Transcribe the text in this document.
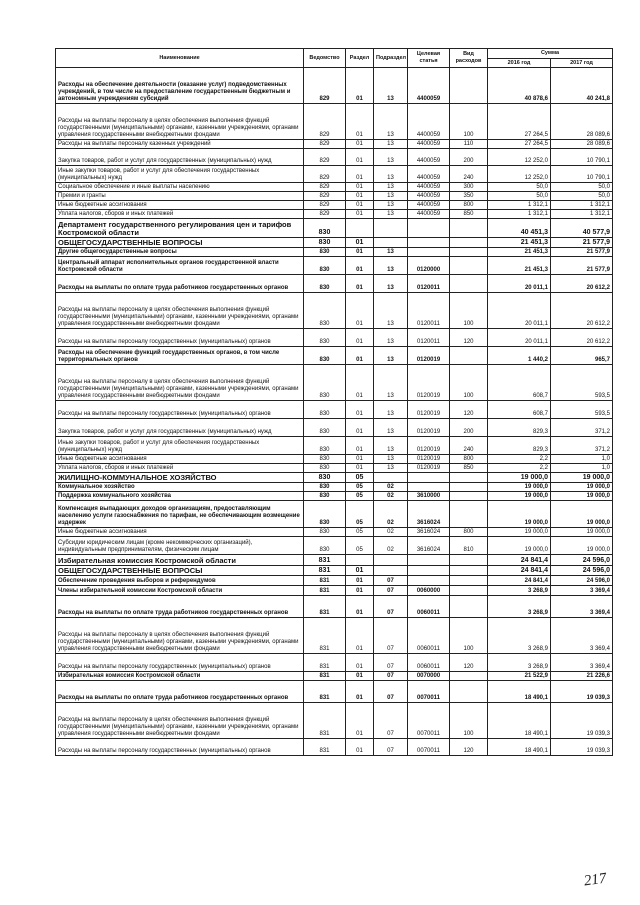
Наименование	Ведомство	Раздел	Подраздел	Целевая статья	Вид расходов	Сумма	
						2016 год	2017 год
Расходы на обеспечение деятельности (оказание услуг) подведомственных учреждений, в том числе на предоставление государственным бюджетным и автономным учреждениям субсидий	829	01	13	4400059		40 878,6	40 241,8
Расходы на выплаты персоналу в целях обеспечения выполнения функций государственными (муниципальными) органами, казенными учреждениями, органами управления государственными внебюджетными фондами	829	01	13	4400059	100	27 264,5	28 089,6
Расходы на выплаты персоналу казенных учреждений	829	01	13	4400059	110	27 264,5	28 089,6
Закупка товаров, работ и услуг для государственных (муниципальных) нужд	829	01	13	4400059	200	12 252,0	10 790,1
Иные закупки товаров, работ и услуг для обеспечения государственных (муниципальных) нужд	829	01	13	4400059	240	12 252,0	10 790,1
Социальное обеспечение и иные выплаты населению	829	01	13	4400059	300	50,0	50,0
Премии и гранты	829	01	13	4400059	350	50,0	50,0
Иные бюджетные ассигнования	829	01	13	4400059	800	1 312,1	1 312,1
Уплата налогов, сборов и иных платежей	829	01	13	4400059	850	1 312,1	1 312,1
Департамент государственного регулирования цен и тарифов Костромской области	830					40 451,3	40 577,9
ОБЩЕГОСУДАРСТВЕННЫЕ ВОПРОСЫ	830	01				21 451,3	21 577,9
Другие общегосударственные вопросы	830	01	13			21 451,3	21 577,9
Центральный аппарат исполнительных органов государственной власти Костромской области	830	01	13	0120000		21 451,3	21 577,9
Расходы на выплаты по оплате труда работников государственных органов	830	01	13	0120011		20 011,1	20 612,2
Расходы на выплаты персоналу в целях обеспечения выполнения функций государственными (муниципальными) органами, казенными учреждениями, органами управления государственными внебюджетными фондами	830	01	13	0120011	100	20 011,1	20 612,2
Расходы на выплаты персоналу государственных (муниципальных) органов	830	01	13	0120011	120	20 011,1	20 612,2
Расходы на обеспечение функций государственных органов, в том числе территориальных органов	830	01	13	0120019		1 440,2	965,7
Расходы на выплаты персоналу в целях обеспечения выполнения функций государственными (муниципальными) органами, казенными учреждениями, органами управления государственными внебюджетными фондами	830	01	13	0120019	100	608,7	593,5
Расходы на выплаты персоналу государственных (муниципальных) органов	830	01	13	0120019	120	608,7	593,5
Закупка товаров, работ и услуг для государственных (муниципальных) нужд	830	01	13	0120019	200	829,3	371,2
Иные закупки товаров, работ и услуг для обеспечения государственных (муниципальных) нужд	830	01	13	0120019	240	829,3	371,2
Иные бюджетные ассигнования	830	01	13	0120019	800	2,2	1,0
Уплата налогов, сборов и иных платежей	830	01	13	0120019	850	2,2	1,0
ЖИЛИЩНО-КОММУНАЛЬНОЕ ХОЗЯЙСТВО	830	05				19 000,0	19 000,0
Коммунальное хозяйство	830	05	02			19 000,0	19 000,0
Поддержка коммунального хозяйства	830	05	02	3610000		19 000,0	19 000,0
Компенсация выпадающих доходов организациям, предоставляющим населению услуги газоснабжения по тарифам, не обеспечивающим возмещение издержек	830	05	02	3616024		19 000,0	19 000,0
Иные бюджетные ассигнования	830	05	02	3616024	800	19 000,0	19 000,0
Субсидии юридическим лицам (кроме некоммерческих организаций), индивидуальным предпринимателям, физическим лицам	830	05	02	3616024	810	19 000,0	19 000,0
Избирательная комиссия Костромской области	831					24 841,4	24 596,0
ОБЩЕГОСУДАРСТВЕННЫЕ ВОПРОСЫ	831	01				24 841,4	24 596,0
Обеспечение проведения выборов и референдумов	831	01	07			24 841,4	24 596,0
Члены избирательной комиссии Костромской области	831	01	07	0060000		3 268,9	3 369,4
Расходы на выплаты по оплате труда работников государственных органов	831	01	07	0060011		3 268,9	3 369,4
Расходы на выплаты персоналу в целях обеспечения выполнения функций государственными (муниципальными) органами, казенными учреждениями, органами управления государственными внебюджетными фондами	831	01	07	0060011	100	3 268,9	3 369,4
Расходы на выплаты персоналу государственных (муниципальных) органов	831	01	07	0060011	120	3 268,9	3 369,4
Избирательная комиссия Костромской области	831	01	07	0070000		21 522,9	21 226,6
Расходы на выплаты по оплате труда работников государственных органов	831	01	07	0070011		18 490,1	19 039,3
Расходы на выплаты персоналу в целях обеспечения выполнения функций государственными (муниципальными) органами, казенными учреждениями, органами управления государственными внебюджетными фондами	831	01	07	0070011	100	18 490,1	19 039,3
Расходы на выплаты персоналу государственных (муниципальных) органов	831	01	07	0070011	120	18 490,1	19 039,3
217
